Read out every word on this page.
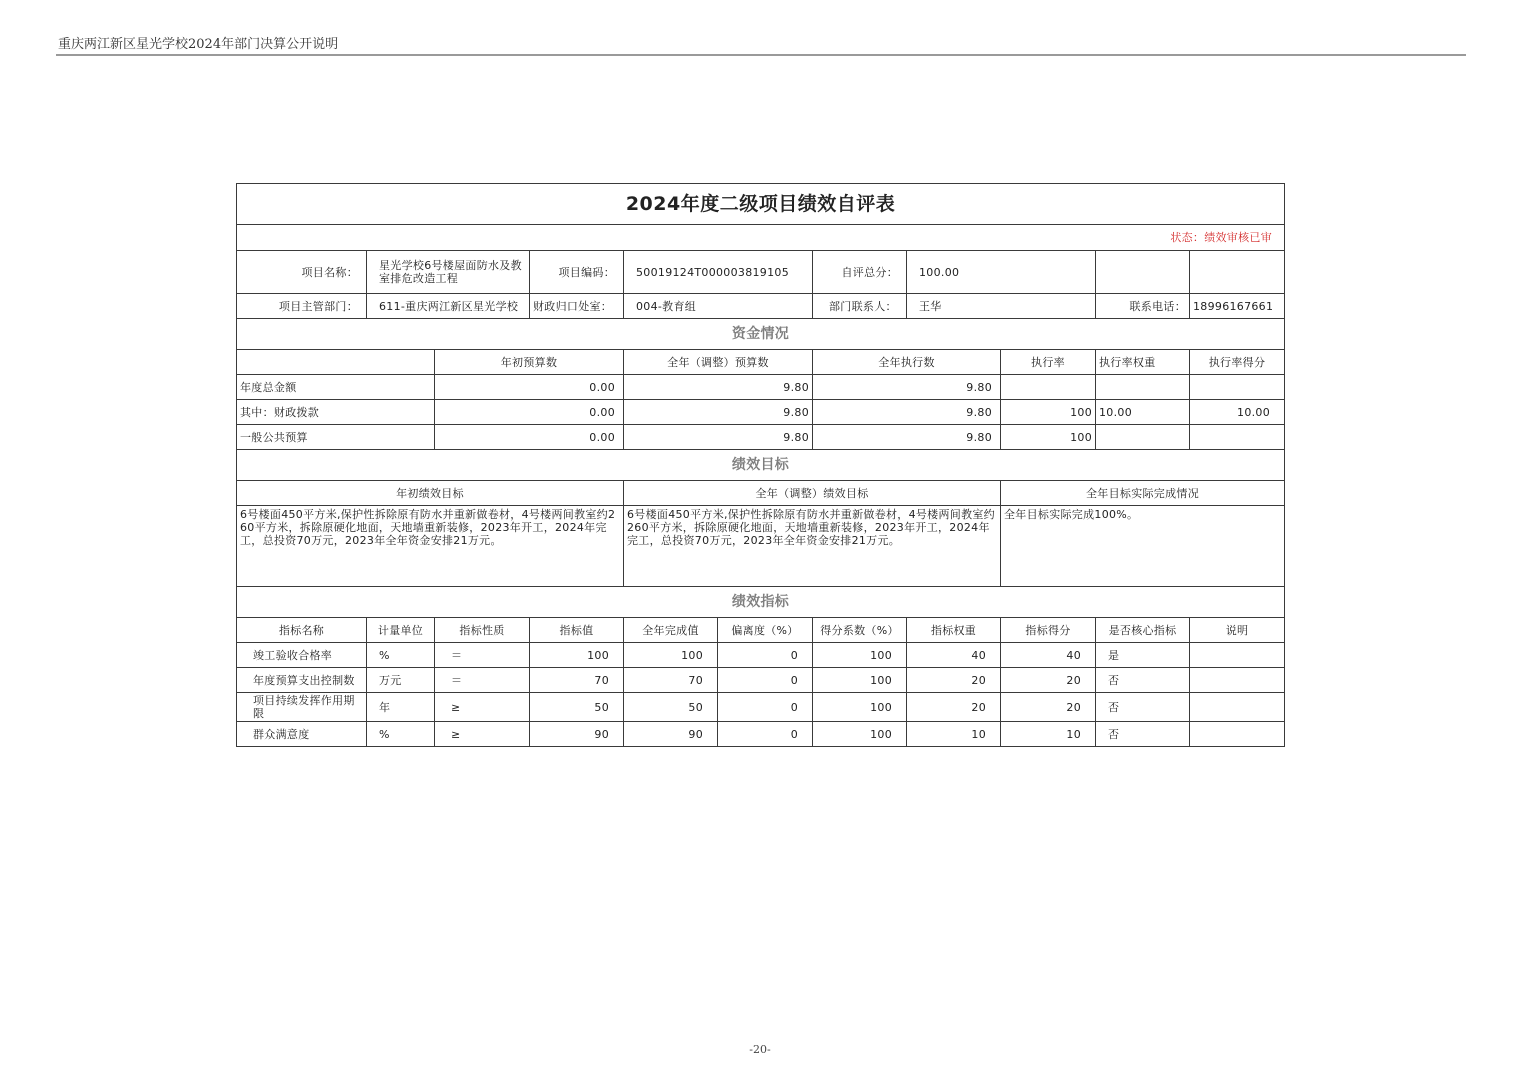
重庆两江新区星光学校2024年部门决算公开说明
2024年度二级项目绩效自评表										
状态：绩效审核已审										
项目名称：	星光学校6号楼屋面防水及教室排危改造工程		项目编码：	50019124T000003819105		自评总分：	100.00			
项目主管部门：	611-重庆两江新区星光学校		财政归口处室：	004-教育组		部门联系人：	王华		联系电话：	18996167661
资金情况										
		年初预算数		全年（调整）预算数		全年执行数		执行率	执行率权重	执行率得分
年度总金额		0.00		9.80		9.80				
其中：财政拨款		0.00		9.80		9.80		100	10.00	10.00
一般公共预算		0.00		9.80		9.80		100		
绩效目标										
年初绩效目标				全年（调整）绩效目标				全年目标实际完成情况		
6号楼面450平方米,保护性拆除原有防水并重新做卷材，4号楼两间教室约260平方米，拆除原硬化地面，天地墙重新装修，2023年开工，2024年完工，总投资70万元，2023年全年资金安排21万元。				6号楼面450平方米,保护性拆除原有防水并重新做卷材，4号楼两间教室约260平方米，拆除原硬化地面，天地墙重新装修，2023年开工，2024年完工，总投资70万元，2023年全年资金安排21万元。				全年目标实际完成100%。		
绩效指标										
指标名称	计量单位	指标性质	指标值	全年完成值	偏离度（%）	得分系数（%）	指标权重	指标得分	是否核心指标	说明
竣工验收合格率	%	＝	100	100	0	100	40	40	是	
年度预算支出控制数	万元	＝	70	70	0	100	20	20	否	
项目持续发挥作用期限	年	≥	50	50	0	100	20	20	否	
群众满意度	%	≥	90	90	0	100	10	10	否	
-20-
